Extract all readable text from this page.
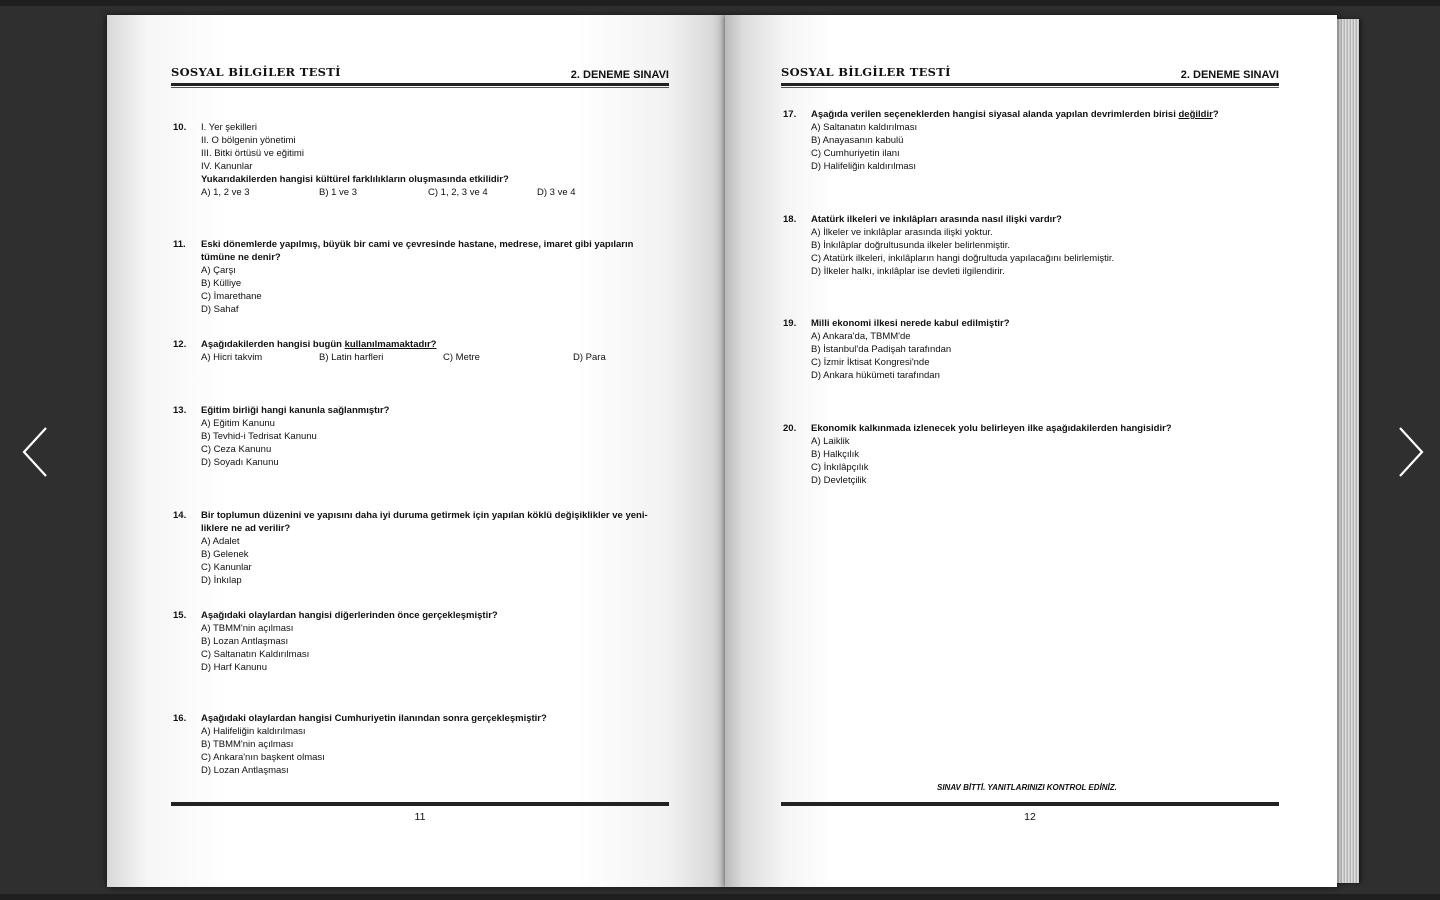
SOSYAL BİLGİLER TESTİ	2. DENEME SINAVI
10. I. Yer şekilleri
II. O bölgenin yönetimi
III. Bitki örtüsü ve eğitimi
IV. Kanunlar
Yukarıdakilerden hangisi kültürel farklılıkların oluşmasında etkilidir?
A) 1, 2 ve 3	B) 1 ve 3	C) 1, 2, 3 ve 4	D) 3 ve 4
11. Eski dönemlerde yapılmış, büyük bir cami ve çevresinde hastane, medrese, imaret gibi yapıların
tümüne ne denir?
A) Çarşı
B) Külliye
C) İmarethane
D) Sahaf
12. Aşağıdakilerden hangisi bugün kullanılmamaktadır?
A) Hicri takvim	B) Latin harfleri	C) Metre	D) Para
13. Eğitim birliği hangi kanunla sağlanmıştır?
A) Eğitim Kanunu
B) Tevhid-i Tedrisat Kanunu
C) Ceza Kanunu
D) Soyadı Kanunu
14. Bir toplumun düzenini ve yapısını daha iyi duruma getirmek için yapılan köklü değişiklikler ve yeni-
liklere ne ad verilir?
A) Adalet
B) Gelenek
C) Kanunlar
D) İnkılap
15. Aşağıdaki olaylardan hangisi diğerlerinden önce gerçekleşmiştir?
A) TBMM'nin açılması
B) Lozan Antlaşması
C) Saltanatın Kaldırılması
D) Harf Kanunu
16. Aşağıdaki olaylardan hangisi Cumhuriyetin ilanından sonra gerçekleşmiştir?
A) Halifeliğin kaldırılması
B) TBMM'nin açılması
C) Ankara'nın başkent olması
D) Lozan Antlaşması
11
SOSYAL BİLGİLER TESTİ	2. DENEME SINAVI
17. Aşağıda verilen seçeneklerden hangisi siyasal alanda yapılan devrimlerden birisi değildir?
A) Saltanatın kaldırılması
B) Anayasanın kabulü
C) Cumhuriyetin ilanı
D) Halifeliğin kaldırılması
18. Atatürk ilkeleri ve inkılâpları arasında nasıl ilişki vardır?
A) İlkeler ve inkılâplar arasında ilişki yoktur.
B) İnkılâplar doğrultusunda ilkeler belirlenmiştir.
C) Atatürk ilkeleri, inkılâpların hangi doğrultuda yapılacağını belirlemiştir.
D) İlkeler halkı, inkılâplar ise devleti ilgilendirir.
19. Milli ekonomi ilkesi nerede kabul edilmiştir?
A) Ankara'da, TBMM'de
B) İstanbul'da Padişah tarafından
C) İzmir İktisat Kongresi'nde
D) Ankara hükümeti tarafından
20. Ekonomik kalkınmada izlenecek yolu belirleyen ilke aşağıdakilerden hangisidir?
A) Laiklik
B) Halkçılık
C) İnkılâpçılık
D) Devletçilik
SINAV BİTTİ. YANITLARINIZI KONTROL EDİNİZ.
12
